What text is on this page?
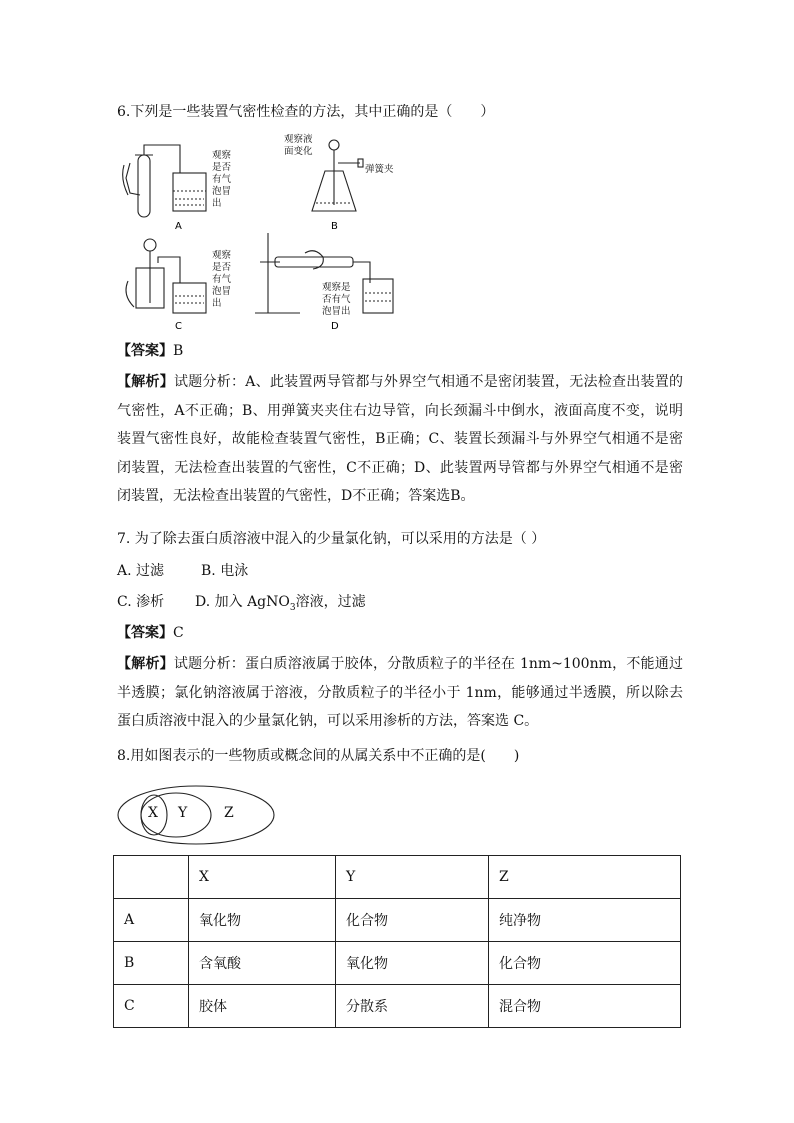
6.下列是一些装置气密性检查的方法，其中正确的是（　　）
A	B
C	D
观察
是否
有气
泡冒
出
观察液
面变化
弹簧夹
观察
是否
有气
泡冒
出
观察是
否有气
泡冒出
【答案】B
【解析】试题分析：A、此装置两导管都与外界空气相通不是密闭装置，无法检查出装置的气密性，A不正确；B、用弹簧夹夹住右边导管，向长颈漏斗中倒水，液面高度不变，说明装置气密性良好，故能检查装置气密性，B正确；C、装置长颈漏斗与外界空气相通不是密闭装置，无法检查出装置的气密性，C不正确；D、此装置两导管都与外界空气相通不是密闭装置，无法检查出装置的气密性，D不正确；答案选B。
7. 为了除去蛋白质溶液中混入的少量氯化钠，可以采用的方法是（ ）
A. 过滤	B. 电泳
C. 渗析 D. 加入 AgNO$_3$溶液，过滤
【答案】C
【解析】试题分析：蛋白质溶液属于胶体，分散质粒子的半径在 1nm~100nm，不能通过半透膜；氯化钠溶液属于溶液，分散质粒子的半径小于 1nm，能够通过半透膜，所以除去蛋白质溶液中混入的少量氯化钠，可以采用渗析的方法，答案选 C。
8.用如图表示的一些物质或概念间的从属关系中不正确的是(　　)
X Y	Z
	X	Y	Z
A	氧化物	化合物	纯净物
B	含氧酸	氧化物	化合物
C	胶体	分散系	混合物
